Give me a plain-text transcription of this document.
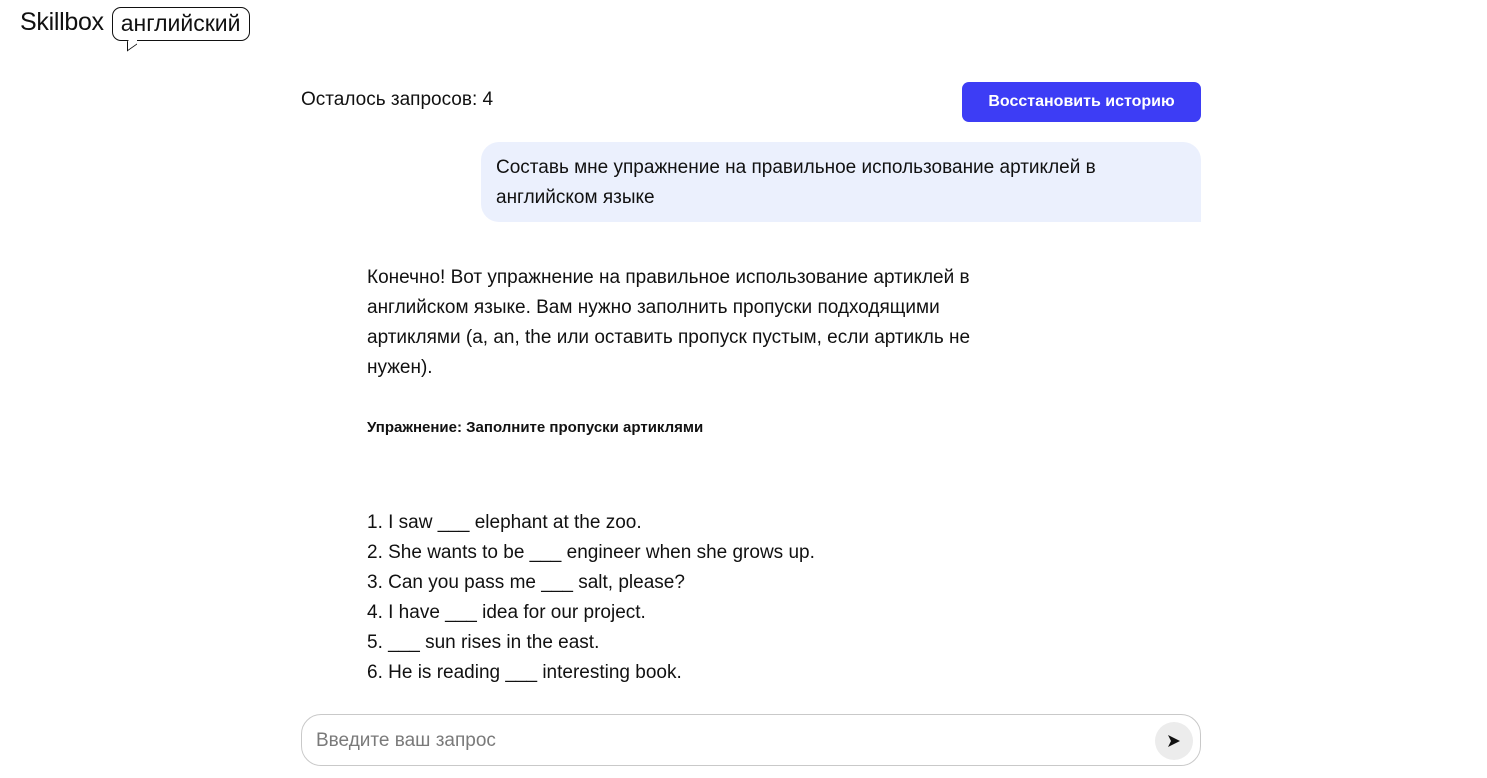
Skillbox английский
Осталось запросов: 4	Восстановить историю
Составь мне упражнение на правильное использование артиклей в английском языке

Конечно! Вот упражнение на правильное использование артиклей в английском языке. Вам нужно заполнить пропуски подходящими артиклями (a, an, the или оставить пропуск пустым, если артикль не нужен).

Упражнение: Заполните пропуски артиклями

1. I saw ___ elephant at the zoo.
2. She wants to be ___ engineer when she grows up.
3. Can you pass me ___ salt, please?
4. I have ___ idea for our project.
5. ___ sun rises in the east.
6. He is reading ___ interesting book.
Введите ваш запрос
